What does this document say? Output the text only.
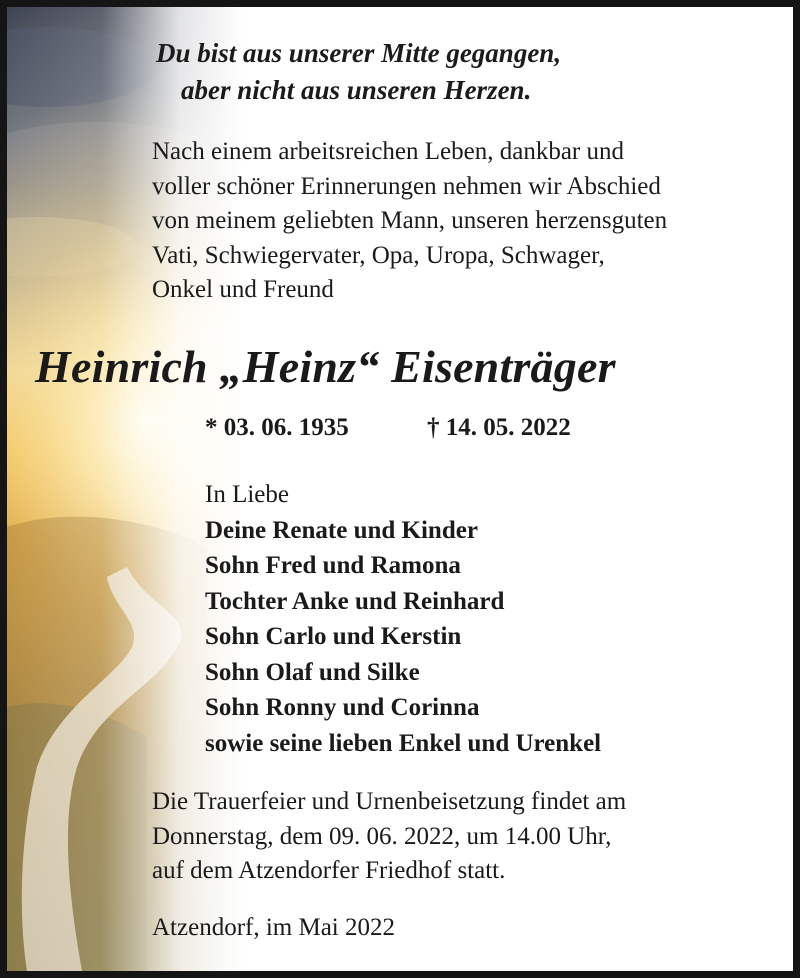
Du bist aus unserer Mitte gegangen,
aber nicht aus unseren Herzen.
Nach einem arbeitsreichen Leben, dankbar und
voller schöner Erinnerungen nehmen wir Abschied
von meinem geliebten Mann, unseren herzensguten
Vati, Schwiegervater, Opa, Uropa, Schwager,
Onkel und Freund
Heinrich „Heinz“ Eisenträger
* 03. 06. 1935	† 14. 05. 2022
In Liebe
Deine Renate und Kinder
Sohn Fred und Ramona
Tochter Anke und Reinhard
Sohn Carlo und Kerstin
Sohn Olaf und Silke
Sohn Ronny und Corinna
sowie seine lieben Enkel und Urenkel
Die Trauerfeier und Urnenbeisetzung findet am
Donnerstag, dem 09. 06. 2022, um 14.00 Uhr,
auf dem Atzendorfer Friedhof statt.
Atzendorf, im Mai 2022
